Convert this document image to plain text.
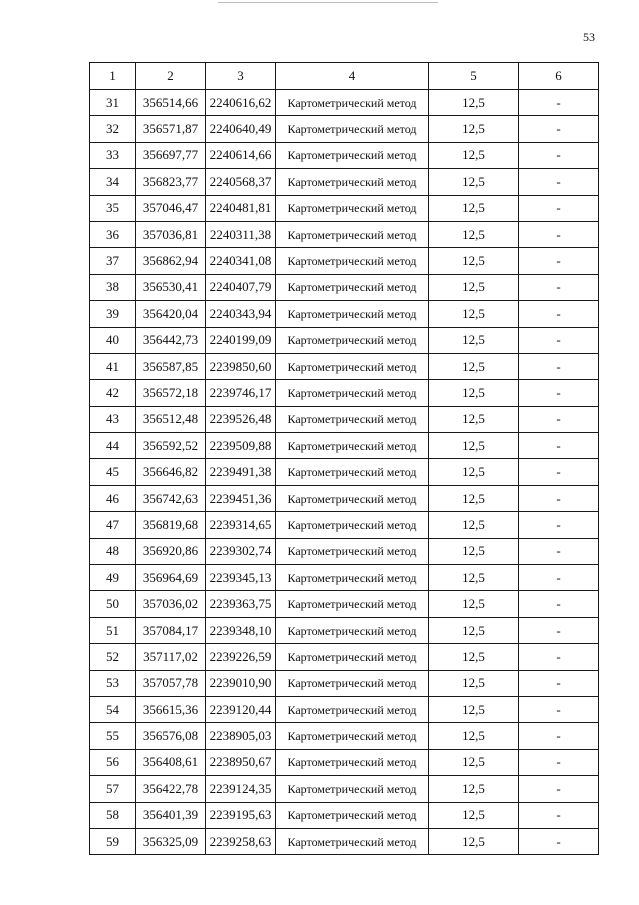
53
1	2	3	4	5	6
31	356514,66	2240616,62	Картометрический метод	12,5	-
32	356571,87	2240640,49	Картометрический метод	12,5	-
33	356697,77	2240614,66	Картометрический метод	12,5	-
34	356823,77	2240568,37	Картометрический метод	12,5	-
35	357046,47	2240481,81	Картометрический метод	12,5	-
36	357036,81	2240311,38	Картометрический метод	12,5	-
37	356862,94	2240341,08	Картометрический метод	12,5	-
38	356530,41	2240407,79	Картометрический метод	12,5	-
39	356420,04	2240343,94	Картометрический метод	12,5	-
40	356442,73	2240199,09	Картометрический метод	12,5	-
41	356587,85	2239850,60	Картометрический метод	12,5	-
42	356572,18	2239746,17	Картометрический метод	12,5	-
43	356512,48	2239526,48	Картометрический метод	12,5	-
44	356592,52	2239509,88	Картометрический метод	12,5	-
45	356646,82	2239491,38	Картометрический метод	12,5	-
46	356742,63	2239451,36	Картометрический метод	12,5	-
47	356819,68	2239314,65	Картометрический метод	12,5	-
48	356920,86	2239302,74	Картометрический метод	12,5	-
49	356964,69	2239345,13	Картометрический метод	12,5	-
50	357036,02	2239363,75	Картометрический метод	12,5	-
51	357084,17	2239348,10	Картометрический метод	12,5	-
52	357117,02	2239226,59	Картометрический метод	12,5	-
53	357057,78	2239010,90	Картометрический метод	12,5	-
54	356615,36	2239120,44	Картометрический метод	12,5	-
55	356576,08	2238905,03	Картометрический метод	12,5	-
56	356408,61	2238950,67	Картометрический метод	12,5	-
57	356422,78	2239124,35	Картометрический метод	12,5	-
58	356401,39	2239195,63	Картометрический метод	12,5	-
59	356325,09	2239258,63	Картометрический метод	12,5	-
